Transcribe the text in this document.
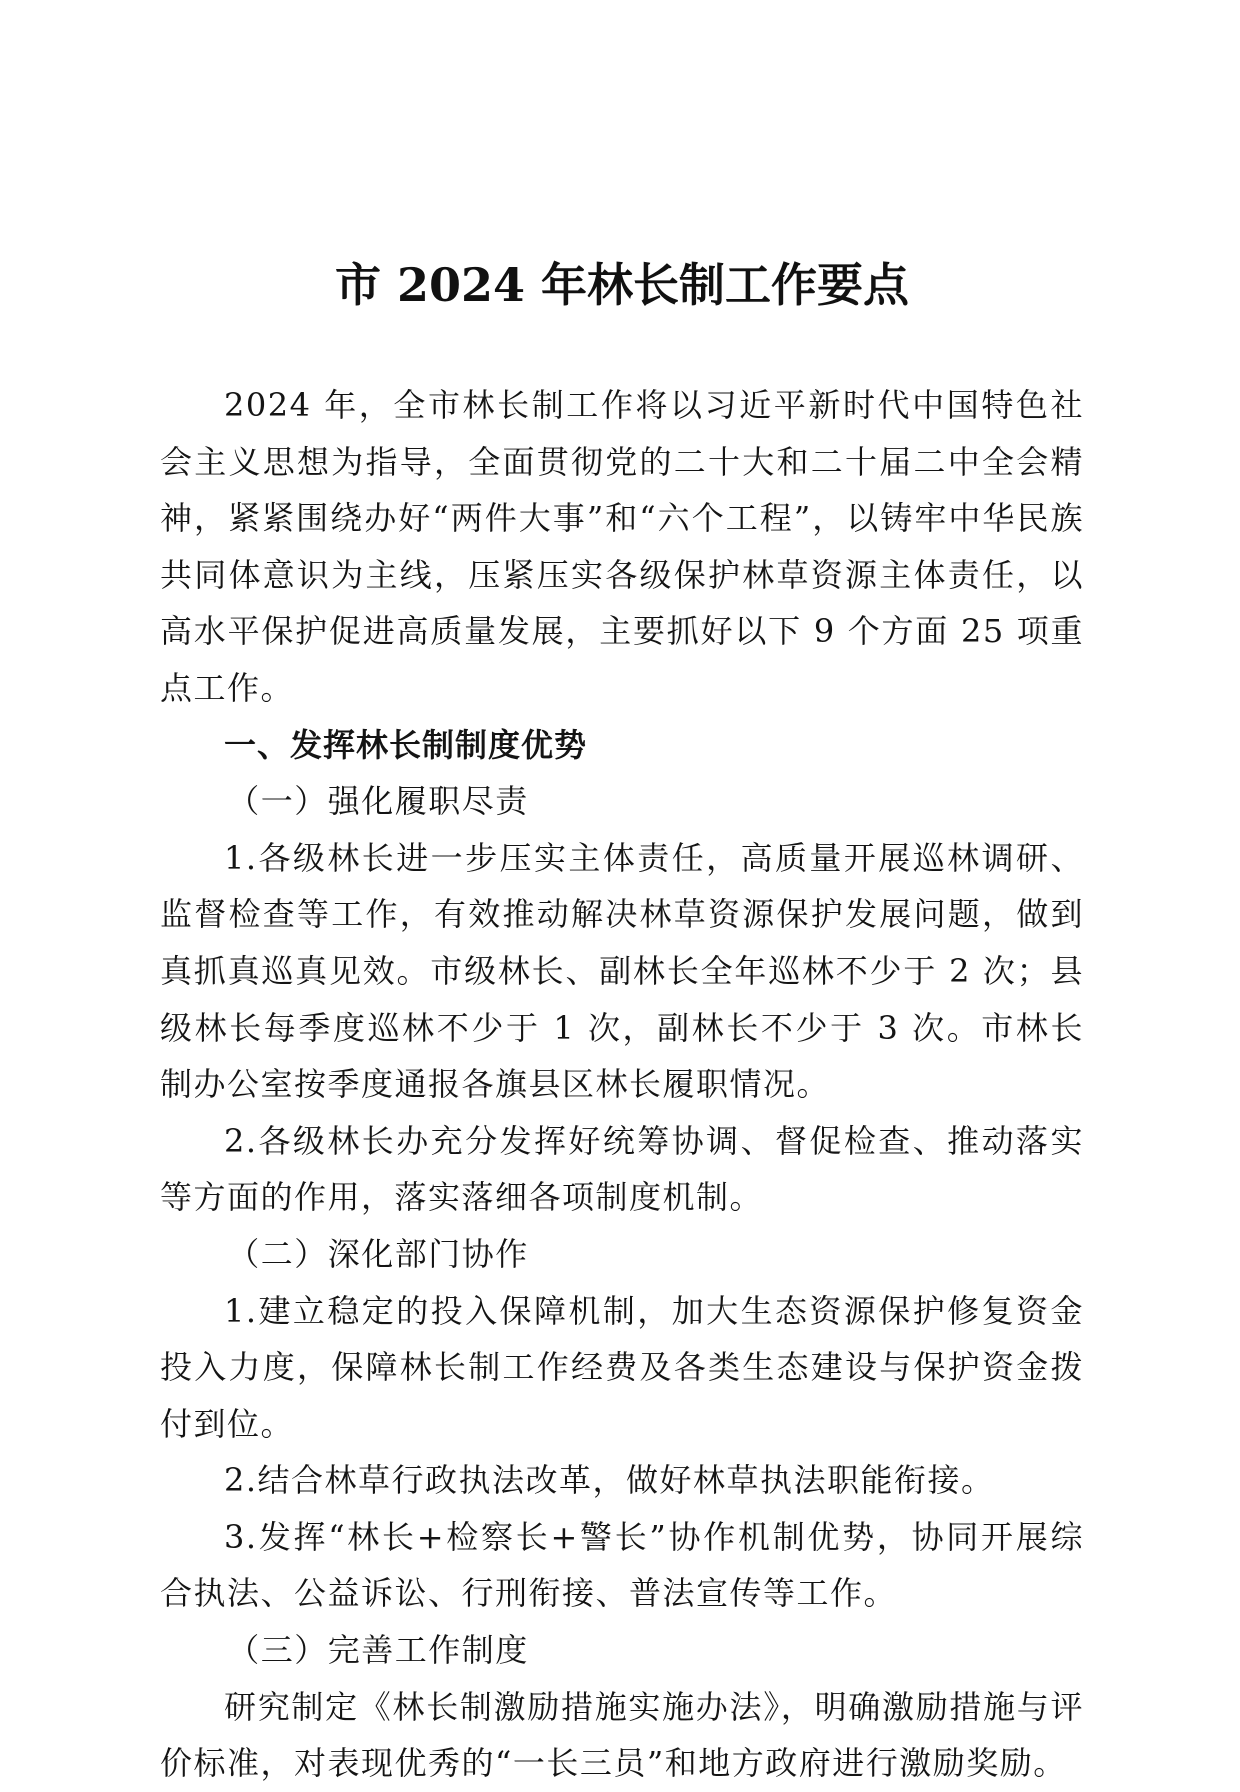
市 2024 年林长制工作要点

2024 年，全市林长制工作将以习近平新时代中国特色社会主义思想为指导，全面贯彻党的二十大和二十届二中全会精神，紧紧围绕办好“两件大事”和“六个工程”，以铸牢中华民族共同体意识为主线，压紧压实各级保护林草资源主体责任，以高水平保护促进高质量发展，主要抓好以下 9 个方面 25 项重点工作。

一、发挥林长制制度优势

（一）强化履职尽责

1.各级林长进一步压实主体责任，高质量开展巡林调研、监督检查等工作，有效推动解决林草资源保护发展问题，做到真抓真巡真见效。市级林长、副林长全年巡林不少于 2 次；县级林长每季度巡林不少于 1 次，副林长不少于 3 次。市林长制办公室按季度通报各旗县区林长履职情况。

2.各级林长办充分发挥好统筹协调、督促检查、推动落实等方面的作用，落实落细各项制度机制。

（二）深化部门协作

1.建立稳定的投入保障机制，加大生态资源保护修复资金投入力度，保障林长制工作经费及各类生态建设与保护资金拨付到位。

2.结合林草行政执法改革，做好林草执法职能衔接。

3.发挥“林长+检察长+警长”协作机制优势，协同开展综合执法、公益诉讼、行刑衔接、普法宣传等工作。

（三）完善工作制度

研究制定《林长制激励措施实施办法》，明确激励措施与评价标准，对表现优秀的“一长三员”和地方政府进行激励奖励。
